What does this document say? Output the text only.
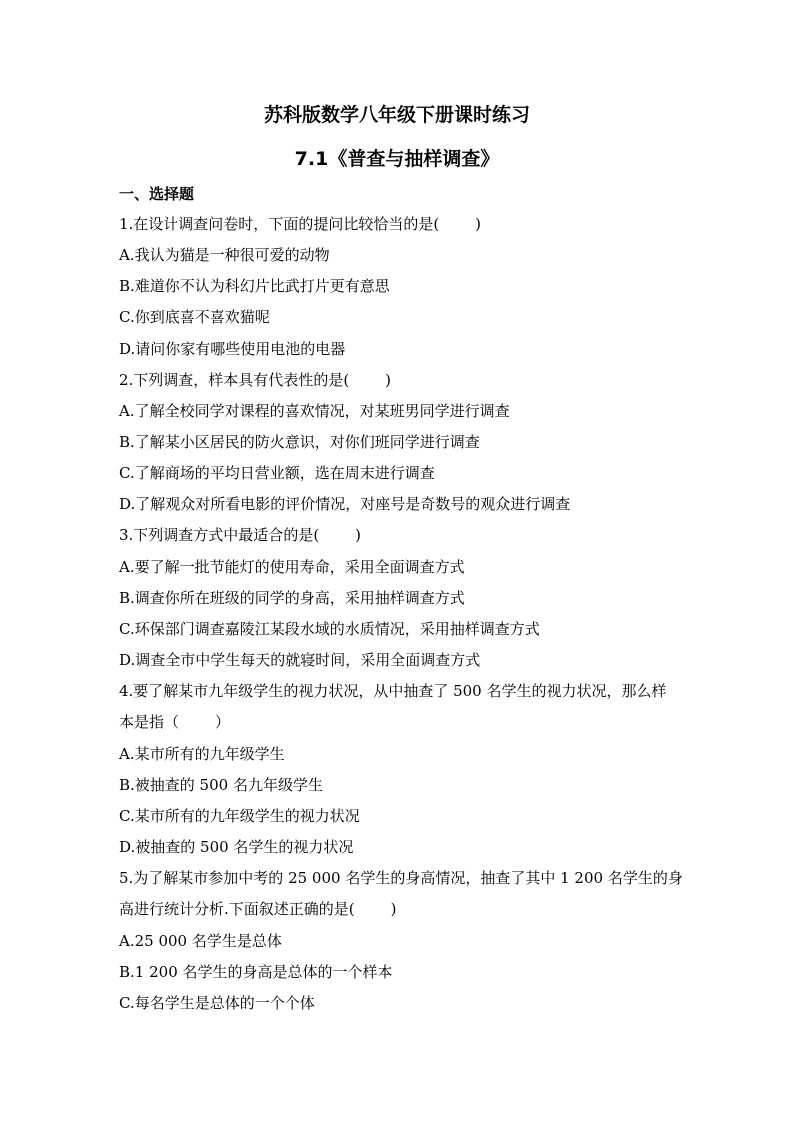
苏科版数学八年级下册课时练习
7.1《普查与抽样调查》
一、选择题
1.在设计调查问卷时，下面的提问比较恰当的是( )
A.我认为猫是一种很可爱的动物
B.难道你不认为科幻片比武打片更有意思
C.你到底喜不喜欢猫呢
D.请问你家有哪些使用电池的电器
2.下列调查，样本具有代表性的是( )
A.了解全校同学对课程的喜欢情况，对某班男同学进行调查
B.了解某小区居民的防火意识，对你们班同学进行调查
C.了解商场的平均日营业额，选在周末进行调查
D.了解观众对所看电影的评价情况，对座号是奇数号的观众进行调查
3.下列调查方式中最适合的是( )
A.要了解一批节能灯的使用寿命，采用全面调查方式
B.调查你所在班级的同学的身高，采用抽样调查方式
C.环保部门调查嘉陵江某段水域的水质情况，采用抽样调查方式
D.调查全市中学生每天的就寝时间，采用全面调查方式
4.要了解某市九年级学生的视力状况，从中抽查了 500 名学生的视力状况，那么样
本是指（ ）
A.某市所有的九年级学生
B.被抽查的 500 名九年级学生
C.某市所有的九年级学生的视力状况
D.被抽查的 500 名学生的视力状况
5.为了解某市参加中考的 25 000 名学生的身高情况，抽查了其中 1 200 名学生的身
高进行统计分析.下面叙述正确的是( )
A.25 000 名学生是总体
B.1 200 名学生的身高是总体的一个样本
C.每名学生是总体的一个个体
